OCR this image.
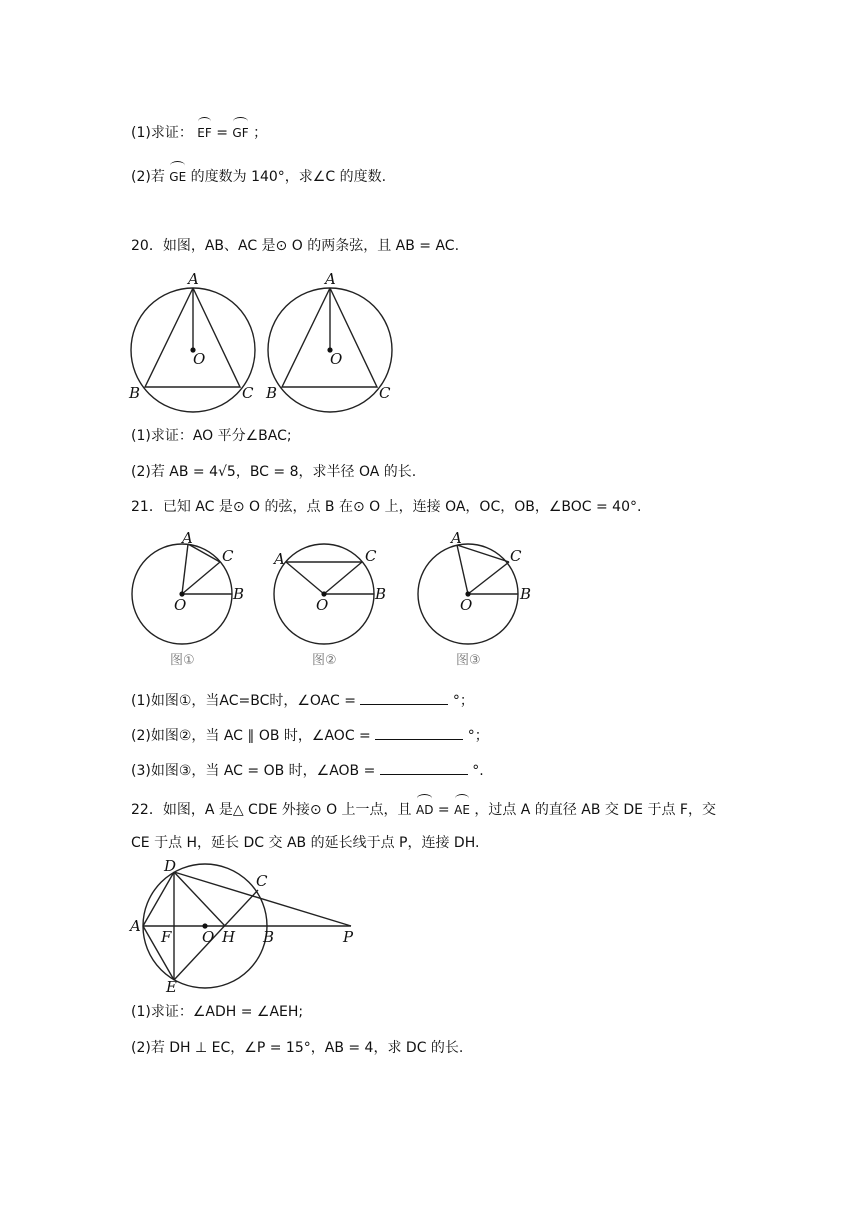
(1)求证： EF = GF ；
(2)若 GE 的度数为 140°，求∠C 的度数.
20．如图，AB、AC 是⊙ O 的两条弦，且 AB = AC.
A
O
B	C
A
O
B	C
(1)求证：AO 平分∠BAC;
(2)若 AB = 4√5，BC = 8，求半径 OA 的长.
21．已知 AC 是⊙ O 的弦，点 B 在⊙ O 上，连接 OA，OC，OB，∠BOC = 40°.
A
C
B
O
图①
A	C
B
O
图②
A
C
B
O
图③
(1)如图①，当AC=BC时，∠OAC =	°；
(2)如图②，当 AC ∥ OB 时，∠AOC =	°；
(3)如图③，当 AC = OB 时，∠AOB =	°.
22．如图，A 是△ CDE 外接⊙ O 上一点，且 AD = AE ，过点 A 的直径 AB 交 DE 于点 F，交
CE 于点 H，延长 DC 交 AB 的延长线于点 P，连接 DH.
D
C
A
F O H B	P
E
(1)求证：∠ADH = ∠AEH;
(2)若 DH ⊥ EC，∠P = 15°，AB = 4，求 DC 的长.
